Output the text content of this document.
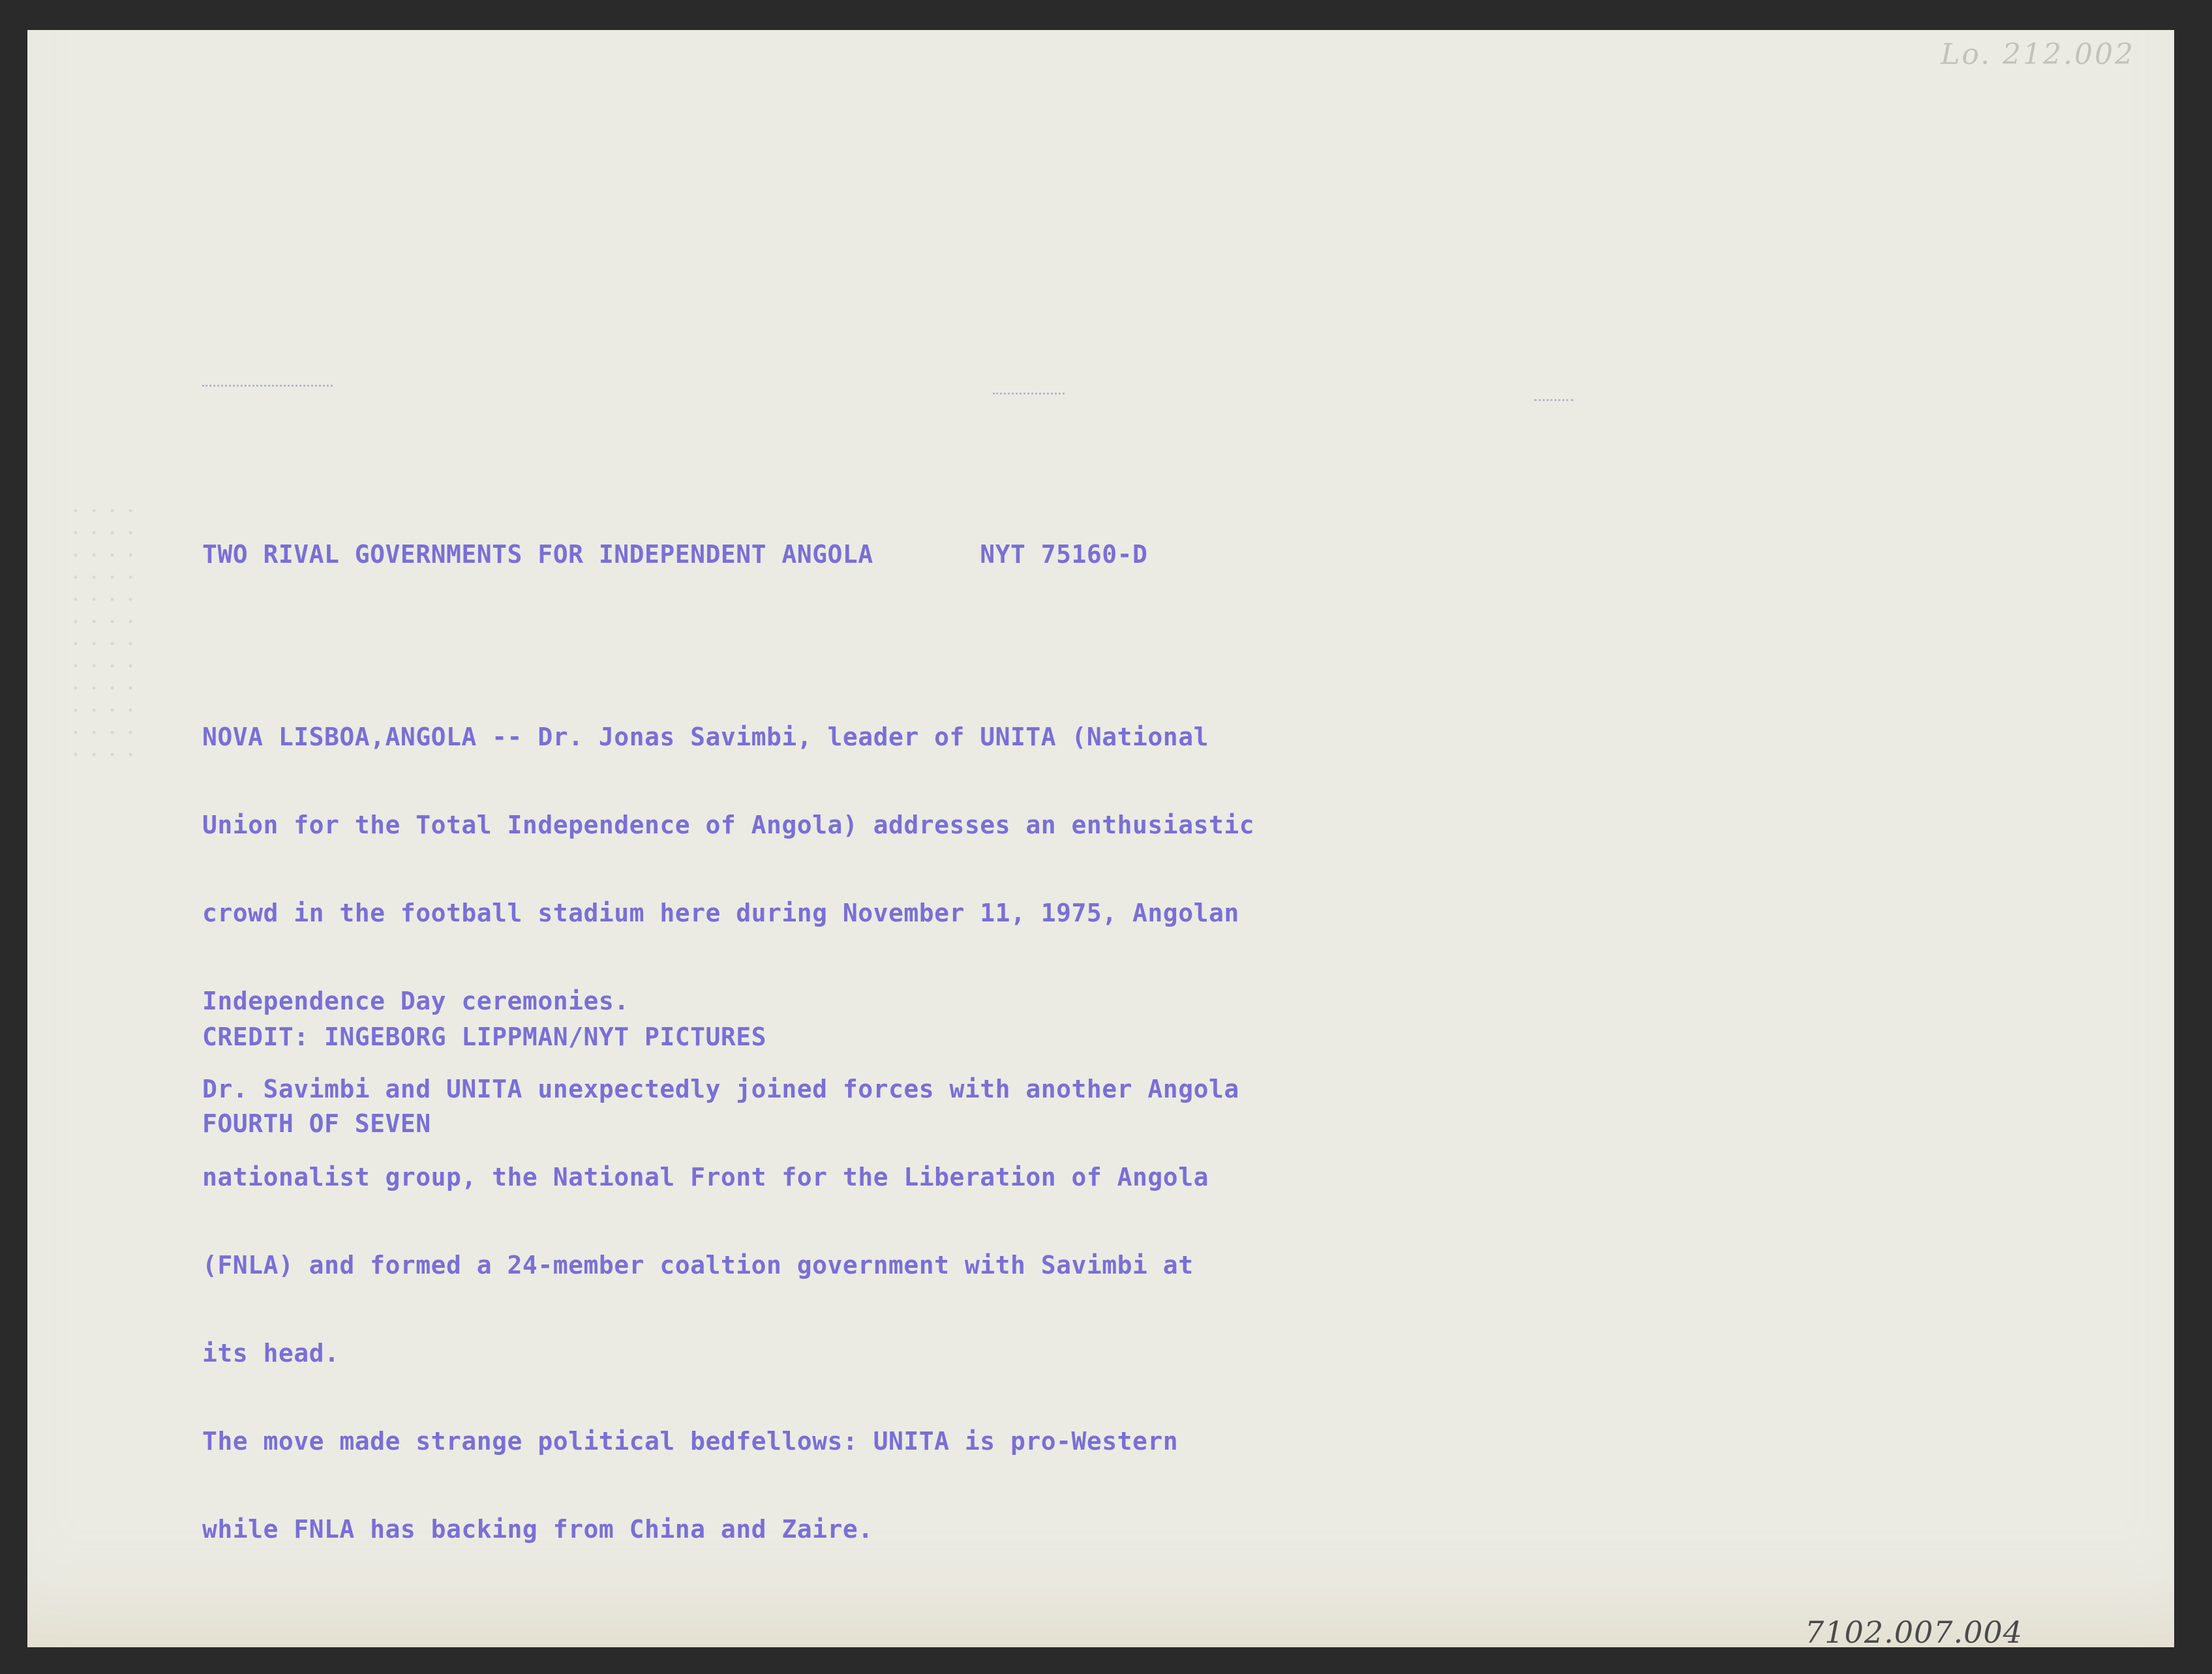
Lo. 212.002

TWO RIVAL GOVERNMENTS FOR INDEPENDENT ANGOLA       NYT 75160-D

NOVA LISBOA,ANGOLA -- Dr. Jonas Savimbi, leader of UNITA (National

Union for the Total Independence of Angola) addresses an enthusiastic

crowd in the football stadium here during November 11, 1975, Angolan

Independence Day ceremonies.

Dr. Savimbi and UNITA unexpectedly joined forces with another Angola

nationalist group, the National Front for the Liberation of Angola

(FNLA) and formed a 24-member coaltion government with Savimbi at

its head.

The move made strange political bedfellows: UNITA is pro-Western

while FNLA has backing from China and Zaire.

CREDIT: INGEBORG LIPPMAN/NYT PICTURES

FOURTH OF SEVEN

7102.007.004
